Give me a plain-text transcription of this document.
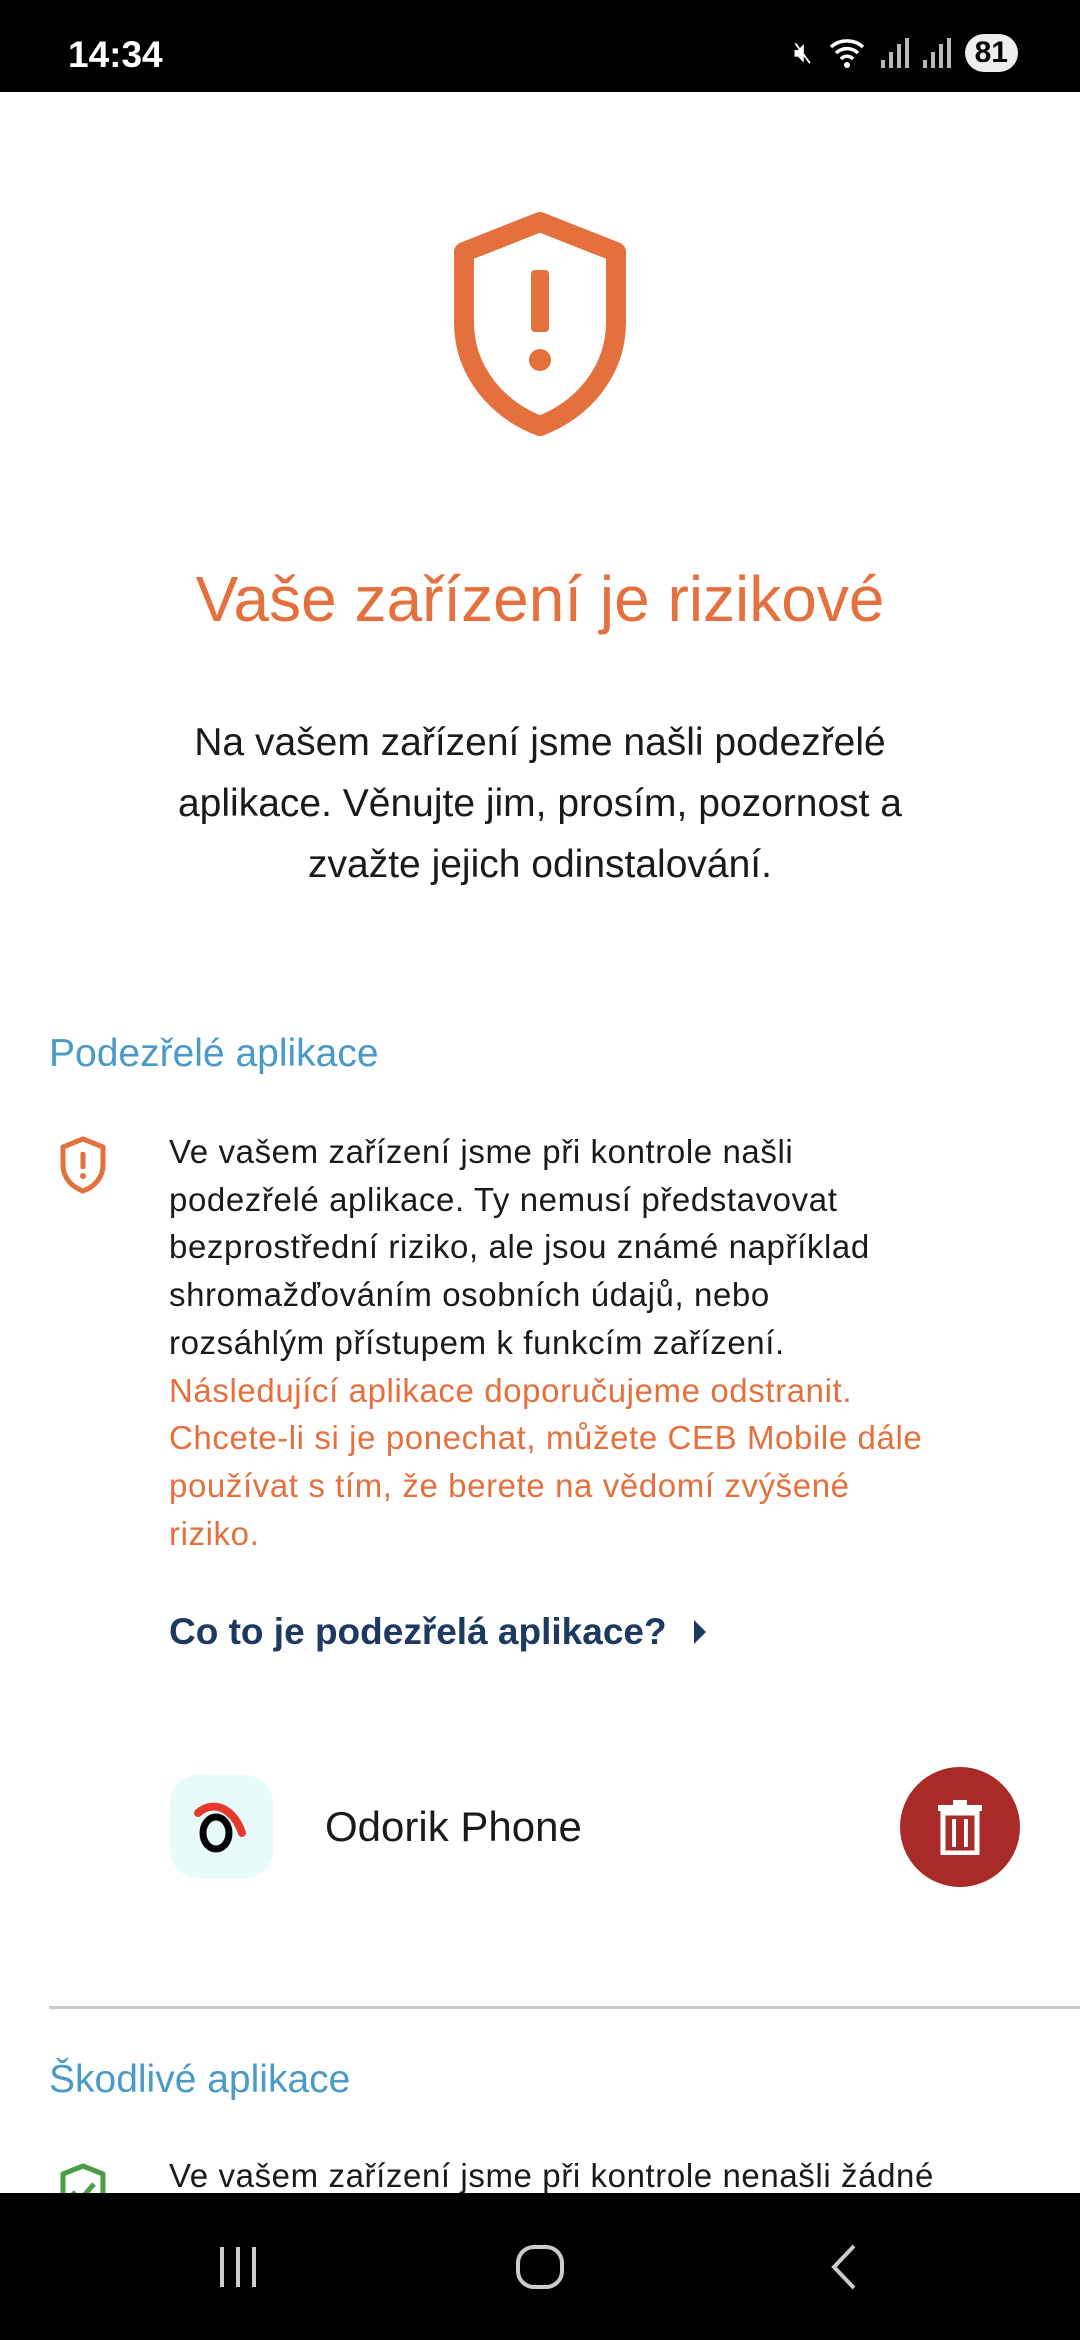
14:34	🔇︎	81
Vaše zařízení je rizikové
Na vašem zařízení jsme našli podezřelé
aplikace. Věnujte jim, prosím, pozornost a
zvažte jejich odinstalování.
Podezřelé aplikace
Ve vašem zařízení jsme při kontrole našli
podezřelé aplikace. Ty nemusí představovat
bezprostřední riziko, ale jsou známé například
shromažďováním osobních údajů, nebo
rozsáhlým přístupem k funkcím zařízení.
Následující aplikace doporučujeme odstranit.
Chcete-li si je ponechat, můžete CEB Mobile dále
používat s tím, že berete na vědomí zvýšené
riziko.
Co to je podezřelá aplikace?
Odorik Phone
Škodlivé aplikace
Ve vašem zařízení jsme při kontrole nenašli žádné
